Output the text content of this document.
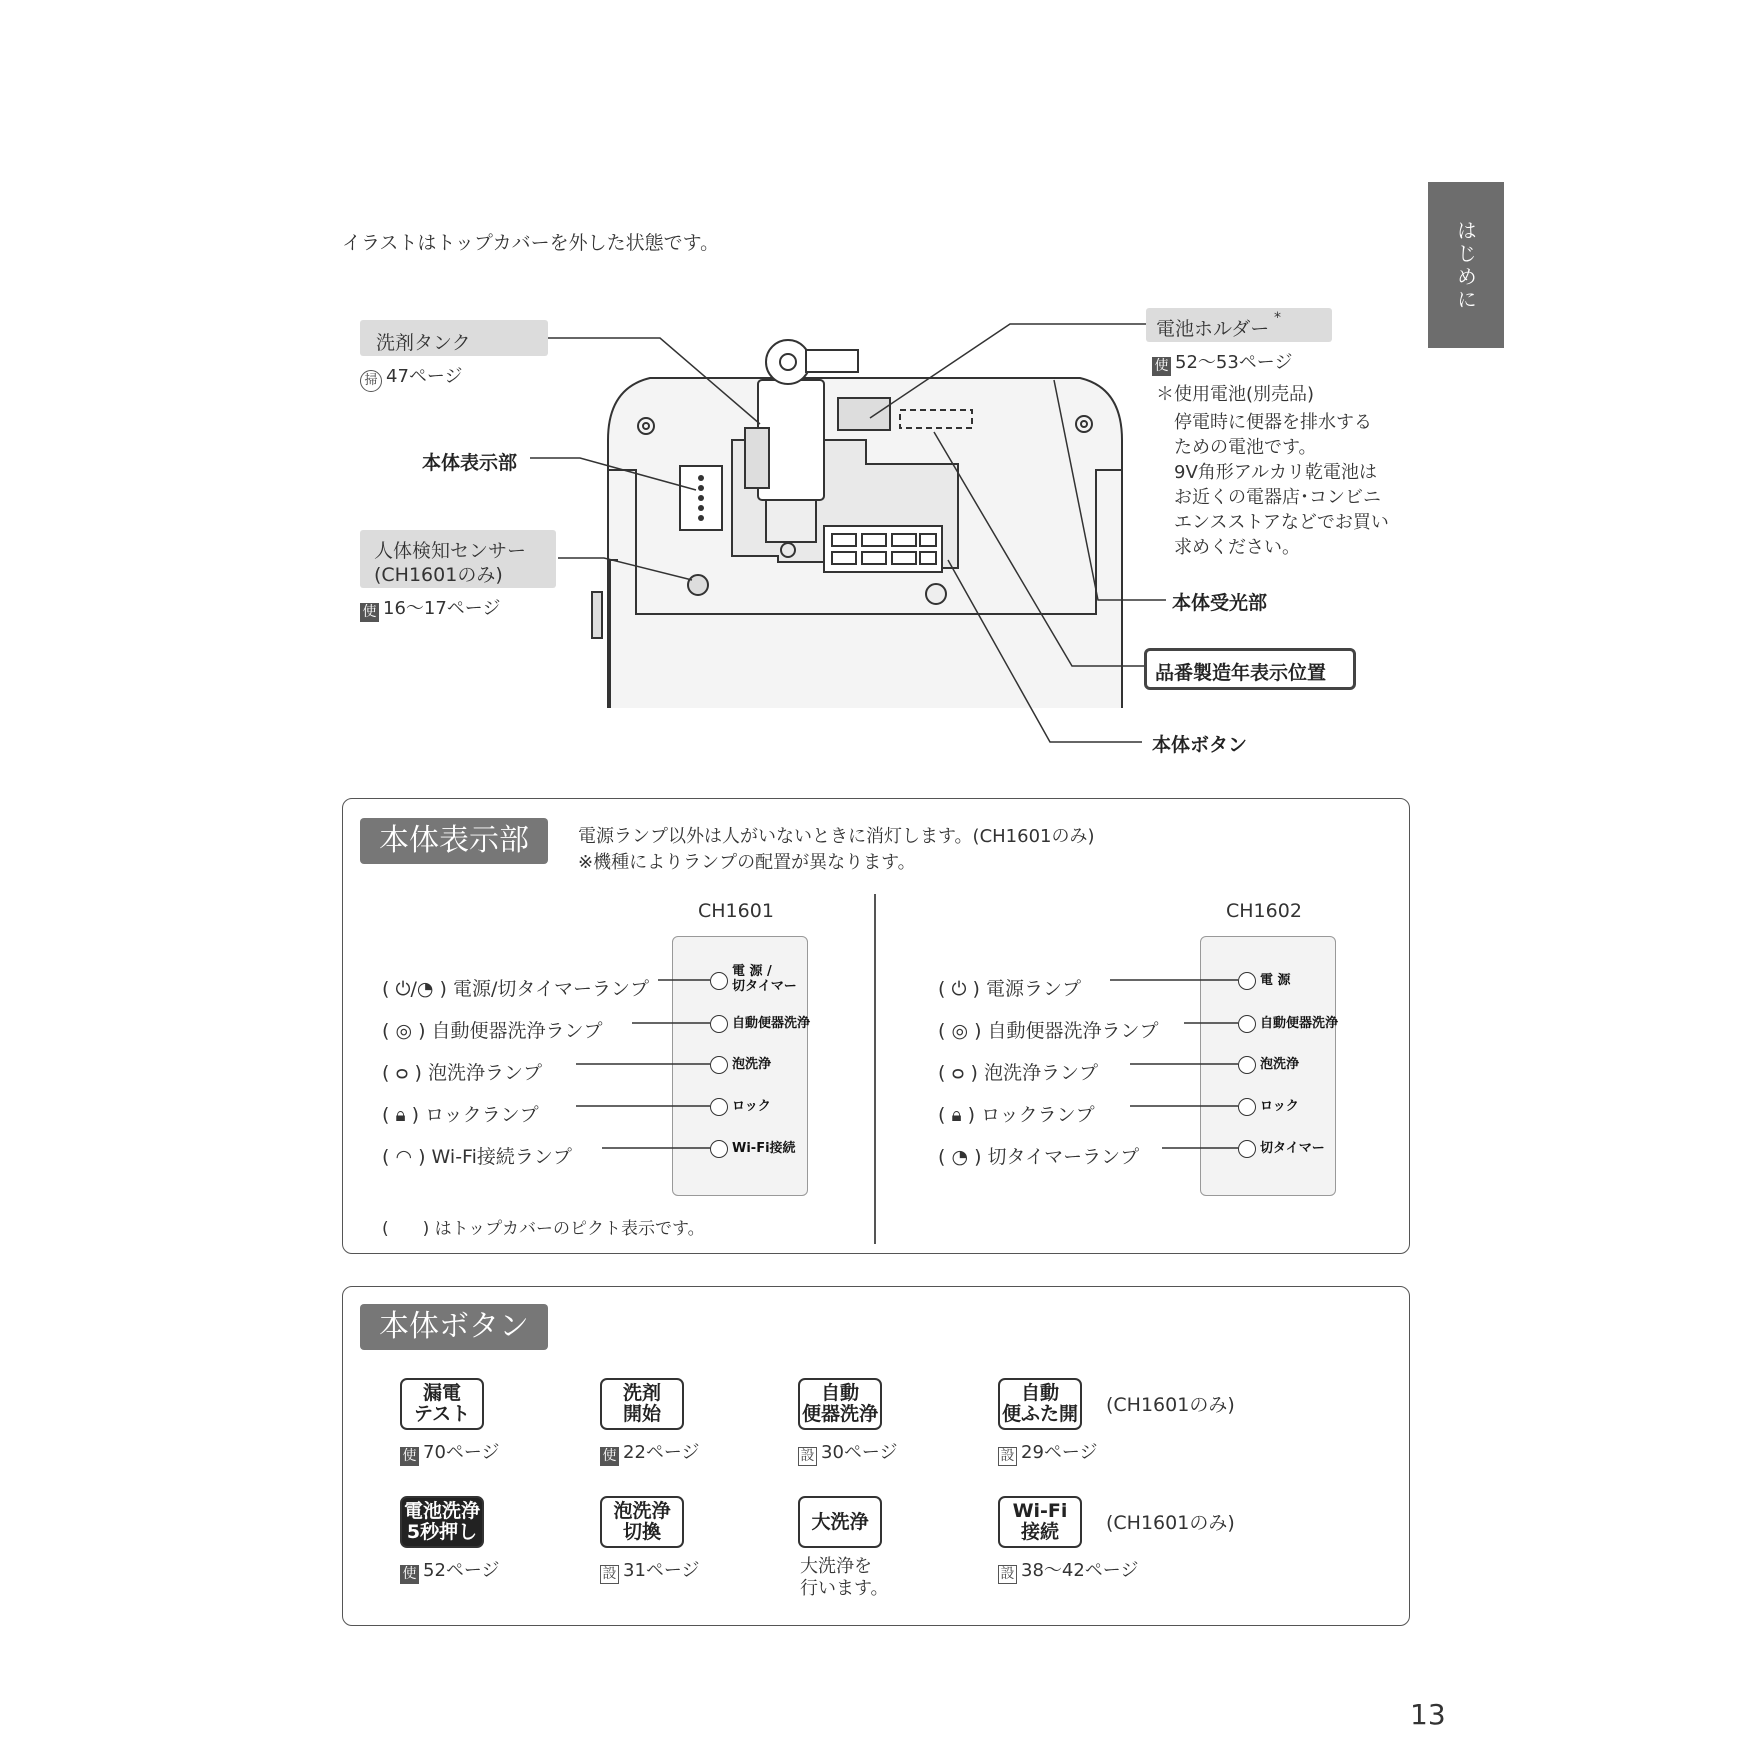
イラストはトップカバーを外した状態です。	はじめに
洗剤タンク
掃 47ページ
本体表示部
人体検知センサー
(CH1601のみ)
使 16〜17ページ
電池ホルダー *
使 52〜53ページ
＊使用電池(別売品)
停電時に便器を排水する
ための電池です。
9V角形アルカリ乾電池は
お近くの電器店･コンビニ
エンスストアなどでお買い
求めください。
本体受光部
品番製造年表示位置
本体ボタン
本体表示部	電源ランプ以外は人がいないときに消灯します。(CH1601のみ)
※機種によりランプの配置が異なります。
CH1601
( ⏻/◔ ) 電源/切タイマーランプ
( ◎ ) 自動便器洗浄ランプ
( ᴑ ) 泡洗浄ランプ
( 🔒︎ ) ロックランプ
( ◠ ) Wi-Fi接続ランプ
電 源 /
切タイマー
自動便器洗浄
泡洗浄
ロック
Wi-Fi接続
(　　) はトップカバーのピクト表示です。
CH1602
( ⏻ ) 電源ランプ
( ◎ ) 自動便器洗浄ランプ
( ᴑ ) 泡洗浄ランプ
( 🔒︎ ) ロックランプ
( ◔ ) 切タイマーランプ
電 源
自動便器洗浄
泡洗浄
ロック
切タイマー
本体ボタン
漏電
テスト
使 70ページ
洗剤
開始
使 22ページ
自動
便器洗浄
設 30ページ
自動
便ふた開 (CH1601のみ)
設 29ページ
電池洗浄
5秒押し
使 52ページ
泡洗浄
切換
設 31ページ
大洗浄
大洗浄を
行います。
Wi-Fi
接続 (CH1601のみ)
設 38〜42ページ
13
